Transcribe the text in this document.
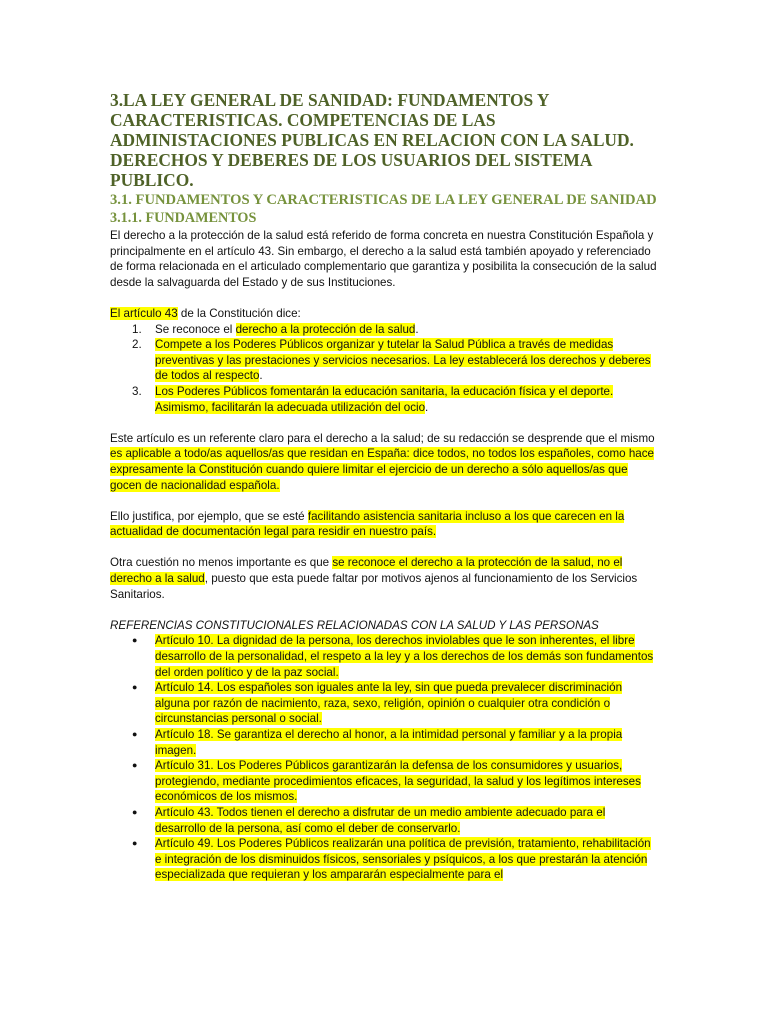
3.LA LEY GENERAL DE SANIDAD: FUNDAMENTOS Y CARACTERISTICAS. COMPETENCIAS DE LAS ADMINISTACIONES PUBLICAS EN RELACION CON LA SALUD. DERECHOS Y DEBERES DE LOS USUARIOS DEL SISTEMA PUBLICO.
3.1. FUNDAMENTOS Y CARACTERISTICAS DE LA LEY GENERAL DE SANIDAD
3.1.1. FUNDAMENTOS

El derecho a la protección de la salud está referido de forma concreta en nuestra Constitución Española y principalmente en el artículo 43. Sin embargo, el derecho a la salud está también apoyado y referenciado de forma relacionada en el articulado complementario que garantiza y posibilita la consecución de la salud desde la salvaguarda del Estado y de sus Instituciones.

El artículo 43 de la Constitución dice:

1. Se reconoce el derecho a la protección de la salud.
2. Compete a los Poderes Públicos organizar y tutelar la Salud Pública a través de medidas preventivas y las prestaciones y servicios necesarios. La ley establecerá los derechos y deberes de todos al respecto.
3. Los Poderes Públicos fomentarán la educación sanitaria, la educación física y el deporte. Asimismo, facilitarán la adecuada utilización del ocio.

Este artículo es un referente claro para el derecho a la salud; de su redacción se desprende que el mismo es aplicable a todo/as aquellos/as que residan en España: dice todos, no todos los españoles, como hace expresamente la Constitución cuando quiere limitar el ejercicio de un derecho a sólo aquellos/as que gocen de nacionalidad española.

Ello justifica, por ejemplo, que se esté facilitando asistencia sanitaria incluso a los que carecen en la actualidad de documentación legal para residir en nuestro país.

Otra cuestión no menos importante es que se reconoce el derecho a la protección de la salud, no el derecho a la salud, puesto que esta puede faltar por motivos ajenos al funcionamiento de los Servicios Sanitarios.

REFERENCIAS CONSTITUCIONALES RELACIONADAS CON LA SALUD Y LAS PERSONAS

● Artículo 10. La dignidad de la persona, los derechos inviolables que le son inherentes, el libre desarrollo de la personalidad, el respeto a la ley y a los derechos de los demás son fundamentos del orden político y de la paz social.
● Artículo 14. Los españoles son iguales ante la ley, sin que pueda prevalecer discriminación alguna por razón de nacimiento, raza, sexo, religión, opinión o cualquier otra condición o circunstancias personal o social.
● Artículo 18. Se garantiza el derecho al honor, a la intimidad personal y familiar y a la propia imagen.
● Artículo 31. Los Poderes Públicos garantizarán la defensa de los consumidores y usuarios, protegiendo, mediante procedimientos eficaces, la seguridad, la salud y los legítimos intereses económicos de los mismos.
● Artículo 43. Todos tienen el derecho a disfrutar de un medio ambiente adecuado para el desarrollo de la persona, así como el deber de conservarlo.
● Artículo 49. Los Poderes Públicos realizarán una política de previsión, tratamiento, rehabilitación e integración de los disminuidos físicos, sensoriales y psíquicos, a los que prestarán la atención especializada que requieran y los ampararán especialmente para el
